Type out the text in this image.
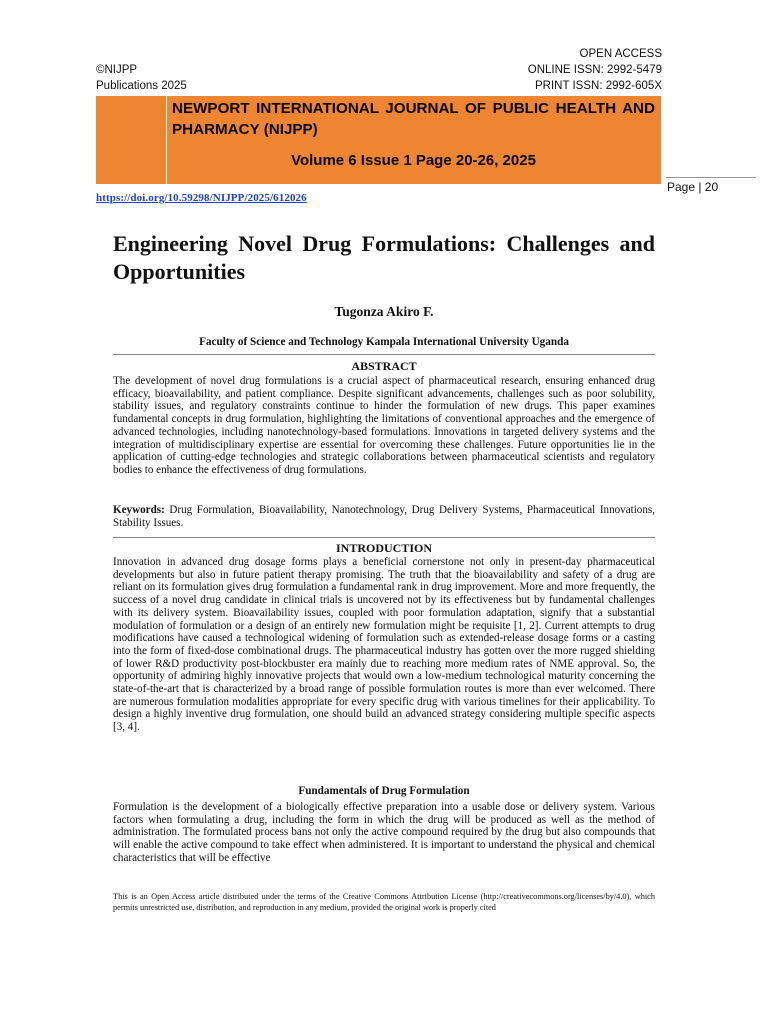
©NIJPP
Publications 2025
OPEN ACCESS
ONLINE ISSN: 2992-5479
PRINT ISSN: 2992-605X
NEWPORT INTERNATIONAL JOURNAL OF PUBLIC HEALTH AND PHARMACY (NIJPP)
Volume 6 Issue 1 Page 20-26, 2025
https://doi.org/10.59298/NIJPP/2025/612026
Page | 20
Engineering Novel Drug Formulations: Challenges and Opportunities
Tugonza Akiro F.
Faculty of Science and Technology Kampala International University Uganda
ABSTRACT
The development of novel drug formulations is a crucial aspect of pharmaceutical research, ensuring enhanced drug efficacy, bioavailability, and patient compliance. Despite significant advancements, challenges such as poor solubility, stability issues, and regulatory constraints continue to hinder the formulation of new drugs. This paper examines fundamental concepts in drug formulation, highlighting the limitations of conventional approaches and the emergence of advanced technologies, including nanotechnology-based formulations. Innovations in targeted delivery systems and the integration of multidisciplinary expertise are essential for overcoming these challenges. Future opportunities lie in the application of cutting-edge technologies and strategic collaborations between pharmaceutical scientists and regulatory bodies to enhance the effectiveness of drug formulations.
Keywords: Drug Formulation, Bioavailability, Nanotechnology, Drug Delivery Systems, Pharmaceutical Innovations, Stability Issues.
INTRODUCTION
Innovation in advanced drug dosage forms plays a beneficial cornerstone not only in present-day pharmaceutical developments but also in future patient therapy promising. The truth that the bioavailability and safety of a drug are reliant on its formulation gives drug formulation a fundamental rank in drug improvement. More and more frequently, the success of a novel drug candidate in clinical trials is uncovered not by its effectiveness but by fundamental challenges with its delivery system. Bioavailability issues, coupled with poor formulation adaptation, signify that a substantial modulation of formulation or a design of an entirely new formulation might be requisite [1, 2]. Current attempts to drug modifications have caused a technological widening of formulation such as extended-release dosage forms or a casting into the form of fixed-dose combinational drugs. The pharmaceutical industry has gotten over the more rugged shielding of lower R&D productivity post-blockbuster era mainly due to reaching more medium rates of NME approval. So, the opportunity of admiring highly innovative projects that would own a low-medium technological maturity concerning the state-of-the-art that is characterized by a broad range of possible formulation routes is more than ever welcomed. There are numerous formulation modalities appropriate for every specific drug with various timelines for their applicability. To design a highly inventive drug formulation, one should build an advanced strategy considering multiple specific aspects [3, 4].
Fundamentals of Drug Formulation
Formulation is the development of a biologically effective preparation into a usable dose or delivery system. Various factors when formulating a drug, including the form in which the drug will be produced as well as the method of administration. The formulated process bans not only the active compound required by the drug but also compounds that will enable the active compound to take effect when administered. It is important to understand the physical and chemical characteristics that will be effective
This is an Open Access article distributed under the terms of the Creative Commons Attribution License (http://creativecommons.org/licenses/by/4.0), which permits unrestricted use, distribution, and reproduction in any medium, provided the original work is properly cited
